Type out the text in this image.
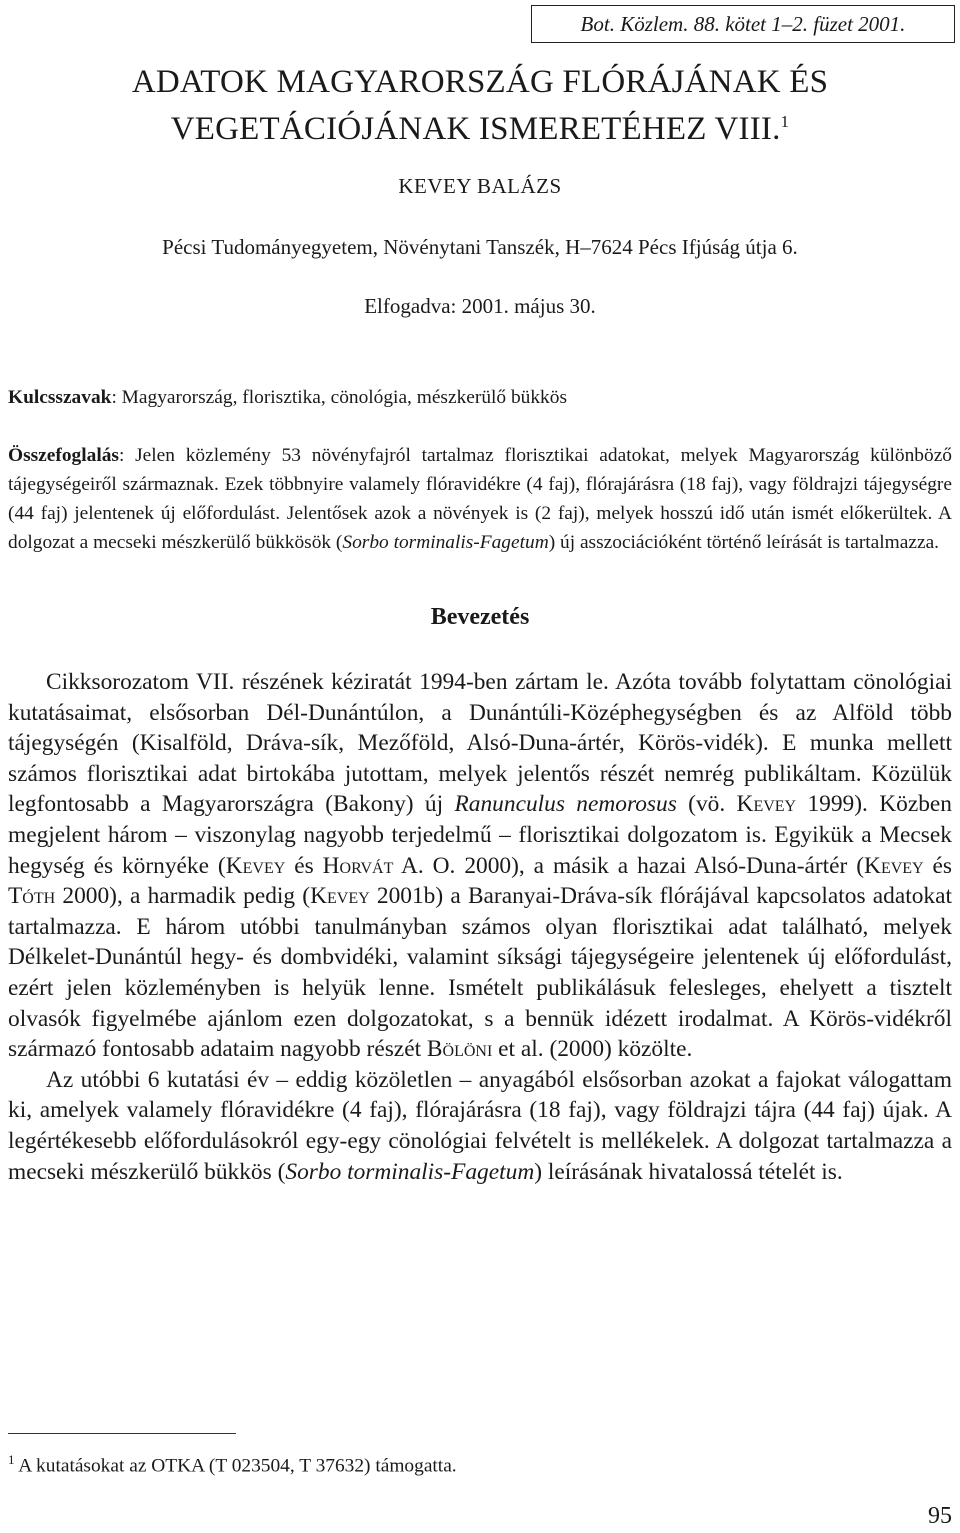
Bot. Közlem. 88. kötet 1–2. füzet 2001.
ADATOK MAGYARORSZÁG FLÓRÁJÁNAK ÉS
VEGETÁCIÓJÁNAK ISMERETÉHEZ VIII.$^1$
KEVEY BALÁZS
Pécsi Tudományegyetem, Növénytani Tanszék, H–7624 Pécs Ifjúság útja 6.
Elfogadva: 2001. május 30.
Kulcsszavak: Magyarország, florisztika, cönológia, mészkerülő bükkös

Összefoglalás: Jelen közlemény 53 növényfajról tartalmaz florisztikai adatokat, melyek Magyarország különböző tájegységeiről származnak. Ezek többnyire valamely flóravidékre (4 faj), flórajárásra (18 faj), vagy földrajzi tájegységre (44 faj) jelentenek új előfordulást. Jelentősek azok a növények is (2 faj), melyek hosszú idő után ismét előkerültek. A dolgozat a mecseki mészkerülő bükkösök (Sorbo torminalis-Fagetum) új asszociációként történő leírását is tartalmazza.

Bevezetés

Cikksorozatom VII. részének kéziratát 1994-ben zártam le. Azóta tovább folytattam cönológiai kutatásaimat, elsősorban Dél-Dunántúlon, a Dunántúli-Középhegységben és az Alföld több tájegységén (Kisalföld, Dráva-sík, Mezőföld, Alsó-Duna-ártér, Körös-vidék). E munka mellett számos florisztikai adat birtokába jutottam, melyek jelentős részét nemrég publikáltam. Közülük legfontosabb a Magyarországra (Bakony) új Ranunculus nemorosus (vö. Kevey 1999). Közben megjelent három – viszonylag nagyobb terjedelmű – florisztikai dolgozatom is. Egyikük a Mecsek hegység és környéke (Kevey és Horvát A. O. 2000), a másik a hazai Alsó-Duna-ártér (Kevey és Tóth 2000), a harmadik pedig (Kevey 2001b) a Baranyai-Dráva-sík flórájával kapcsolatos adatokat tartalmazza. E három utóbbi tanulmányban számos olyan florisztikai adat található, melyek Délkelet-Dunántúl hegy- és dombvidéki, valamint síksági tájegységeire jelentenek új előfordulást, ezért jelen közleményben is helyük lenne. Ismételt publikálásuk felesleges, ehelyett a tisztelt olvasók figyelmébe ajánlom ezen dolgozatokat, s a bennük idézett irodalmat. A Körös-vidékről származó fontosabb adataim nagyobb részét Bölöni et al. (2000) közölte.

Az utóbbi 6 kutatási év – eddig közöletlen – anyagából elsősorban azokat a fajokat válogattam ki, amelyek valamely flóravidékre (4 faj), flórajárásra (18 faj), vagy földrajzi tájra (44 faj) újak. A legértékesebb előfordulásokról egy-egy cönológiai felvételt is mellékelek. A dolgozat tartalmazza a mecseki mészkerülő bükkös (Sorbo torminalis-Fagetum) leírásának hivatalossá tételét is.

$^1$ A kutatásokat az OTKA (T 023504, T 37632) támogatta.
95
